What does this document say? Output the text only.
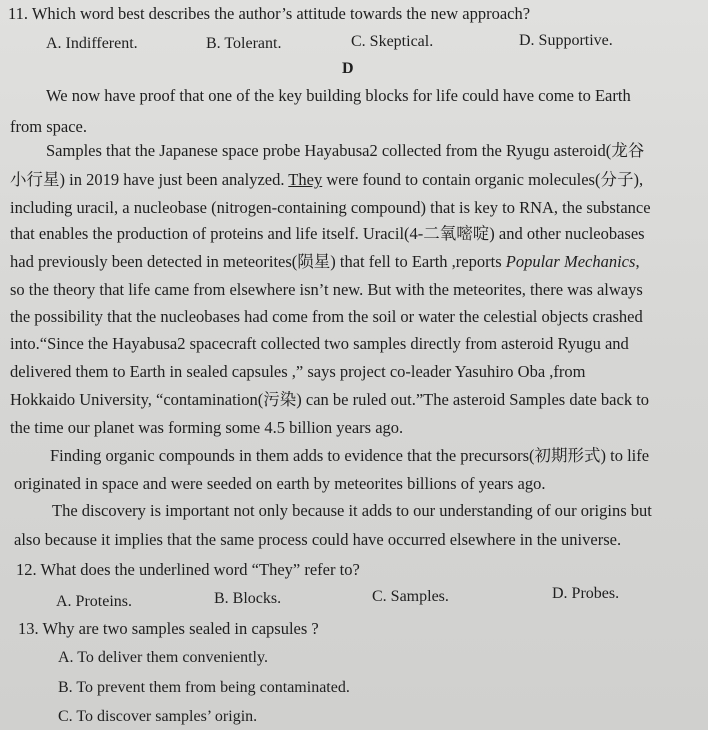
11. Which word best describes the author’s attitude towards the new approach?
A. Indifferent.	B. Tolerant.	C. Skeptical.	D. Supportive.
D
We now have proof that one of the key building blocks for life could have come to Earth
from space.
Samples that the Japanese space probe Hayabusa2 collected from the Ryugu asteroid(龙谷
小行星) in 2019 have just been analyzed. They were found to contain organic molecules(分子),
including uracil, a nucleobase (nitrogen-containing compound) that is key to RNA, the substance
that enables the production of proteins and life itself. Uracil(4-二氧嘧啶) and other nucleobases
had previously been detected in meteorites(陨星) that fell to Earth ,reports Popular Mechanics,
so the theory that life came from elsewhere isn’t new. But with the meteorites, there was always
the possibility that the nucleobases had come from the soil or water the celestial objects crashed
into.“Since the Hayabusa2 spacecraft collected two samples directly from asteroid Ryugu and
delivered them to Earth in sealed capsules ,” says project co-leader Yasuhiro Oba ,from
Hokkaido University, “contamination(污染) can be ruled out.”The asteroid Samples date back to
the time our planet was forming some 4.5 billion years ago.
Finding organic compounds in them adds to evidence that the precursors(初期形式) to life
originated in space and were seeded on earth by meteorites billions of years ago.
The discovery is important not only because it adds to our understanding of our origins but
also because it implies that the same process could have occurred elsewhere in the universe.
12. What does the underlined word “They” refer to?
A. Proteins.	B. Blocks.	C. Samples.	D. Probes.
13. Why are two samples sealed in capsules ?
A. To deliver them conveniently.
B. To prevent them from being contaminated.
C. To discover samples’ origin.
